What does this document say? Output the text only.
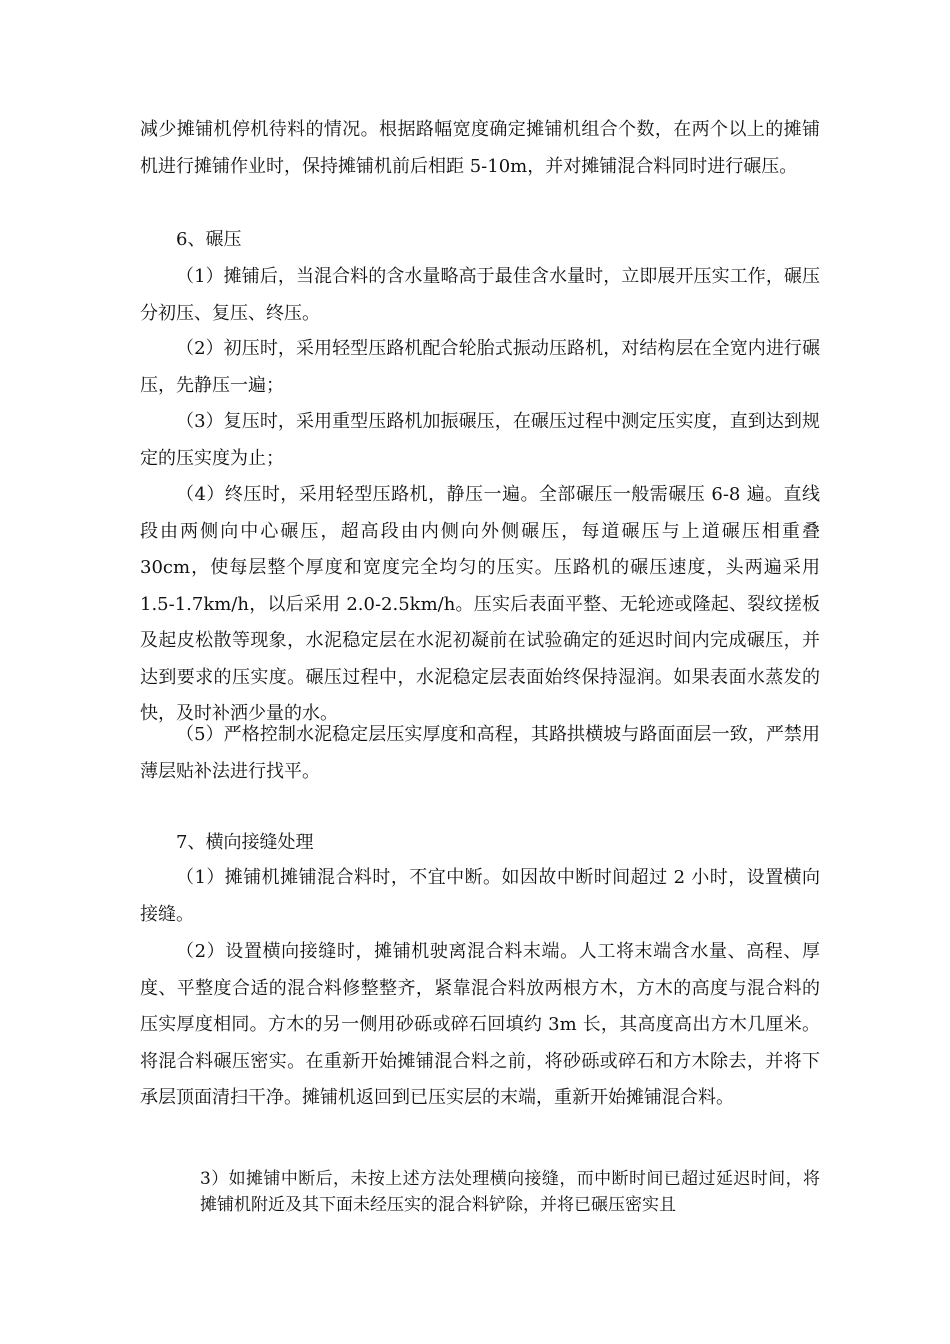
减少摊铺机停机待料的情况。根据路幅宽度确定摊铺机组合个数，在两个以上的摊铺机进行摊铺作业时，保持摊铺机前后相距 5-10m，并对摊铺混合料同时进行碾压。

6、碾压

（1）摊铺后，当混合料的含水量略高于最佳含水量时，立即展开压实工作，碾压分初压、复压、终压。

（2）初压时，采用轻型压路机配合轮胎式振动压路机，对结构层在全宽内进行碾压，先静压一遍；

（3）复压时，采用重型压路机加振碾压，在碾压过程中测定压实度，直到达到规定的压实度为止；

（4）终压时，采用轻型压路机，静压一遍。全部碾压一般需碾压 6-8 遍。直线段由两侧向中心碾压，超高段由内侧向外侧碾压，每道碾压与上道碾压相重叠 30cm，使每层整个厚度和宽度完全均匀的压实。压路机的碾压速度，头两遍采用 1.5-1.7km/h，以后采用 2.0-2.5km/h。压实后表面平整、无轮迹或隆起、裂纹搓板及起皮松散等现象，水泥稳定层在水泥初凝前在试验确定的延迟时间内完成碾压，并达到要求的压实度。碾压过程中，水泥稳定层表面始终保持湿润。如果表面水蒸发的快，及时补洒少量的水。

（5）严格控制水泥稳定层压实厚度和高程，其路拱横坡与路面面层一致，严禁用薄层贴补法进行找平。

7、横向接缝处理

（1）摊铺机摊铺混合料时，不宜中断。如因故中断时间超过 2 小时，设置横向接缝。

（2）设置横向接缝时，摊铺机驶离混合料末端。人工将末端含水量、高程、厚度、平整度合适的混合料修整整齐，紧靠混合料放两根方木，方木的高度与混合料的压实厚度相同。方木的另一侧用砂砾或碎石回填约 3m 长，其高度高出方木几厘米。将混合料碾压密实。在重新开始摊铺混合料之前，将砂砾或碎石和方木除去，并将下承层顶面清扫干净。摊铺机返回到已压实层的末端，重新开始摊铺混合料。

3）如摊铺中断后，未按上述方法处理横向接缝，而中断时间已超过延迟时间，将摊铺机附近及其下面未经压实的混合料铲除，并将已碾压密实且
